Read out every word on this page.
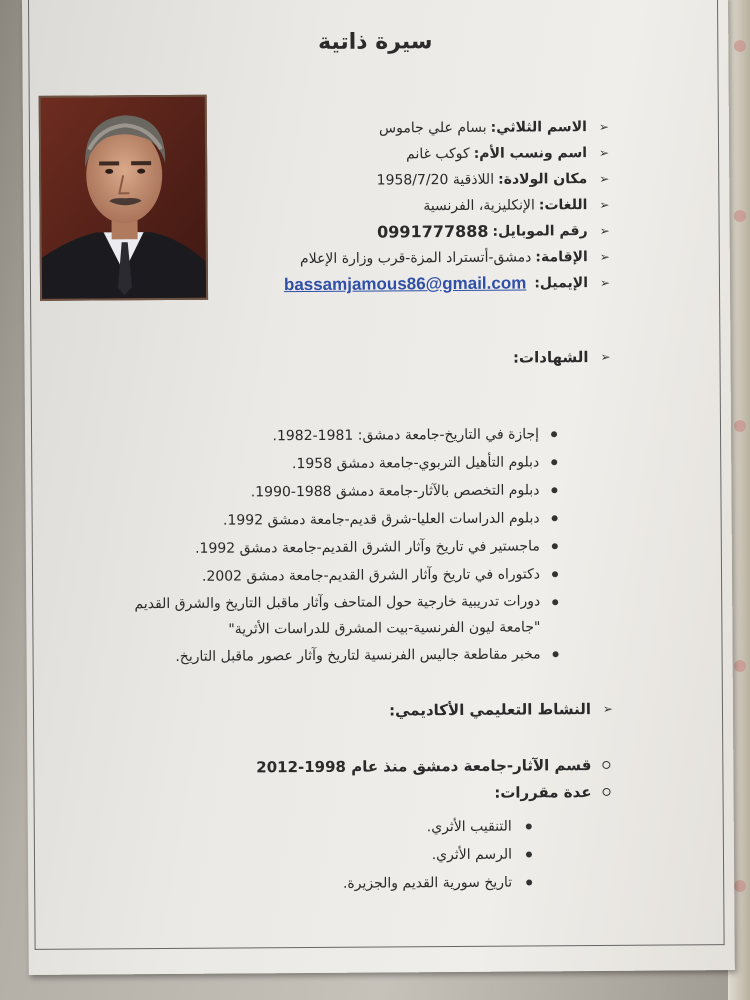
سيرة ذاتية
➢
الاسم الثلاثي:
بسام علي جاموس
➢
اسم ونسب الأم:
كوكب غانم
➢
مكان الولادة:
اللاذقية 1958/7/20
➢
اللغات:
الإنكليزية، الفرنسية
➢
رقم الموبايل:
0991777888
➢
الإقامة:
دمشق-أتستراد المزة-قرب وزارة الإعلام
➢
الإيميل:
bassamjamous86@gmail.com
➢
الشهادات:
إجازة في التاريخ-جامعة دمشق: 1981-1982.
دبلوم التأهيل التربوي-جامعة دمشق 1958.
دبلوم التخصص بالآثار-جامعة دمشق 1988-1990.
دبلوم الدراسات العليا-شرق قديم-جامعة دمشق 1992.
ماجستير في تاريخ وآثار الشرق القديم-جامعة دمشق 1992.
دكتوراه في تاريخ وآثار الشرق القديم-جامعة دمشق 2002.
دورات تدريبية خارجية حول المتاحف وآثار ماقبل التاريخ والشرق القديم "جامعة ليون الفرنسية-بيت المشرق للدراسات الأثرية"
مخبر مقاطعة جاليس الفرنسية لتاريخ وآثار عصور ماقبل التاريخ.
➢
النشاط التعليمي الأكاديمي:
قسم الآثار-جامعة دمشق منذ عام 1998-2012
عدة مقررات:
التنقيب الأثري.
الرسم الأثري.
تاريخ سورية القديم والجزيرة.
